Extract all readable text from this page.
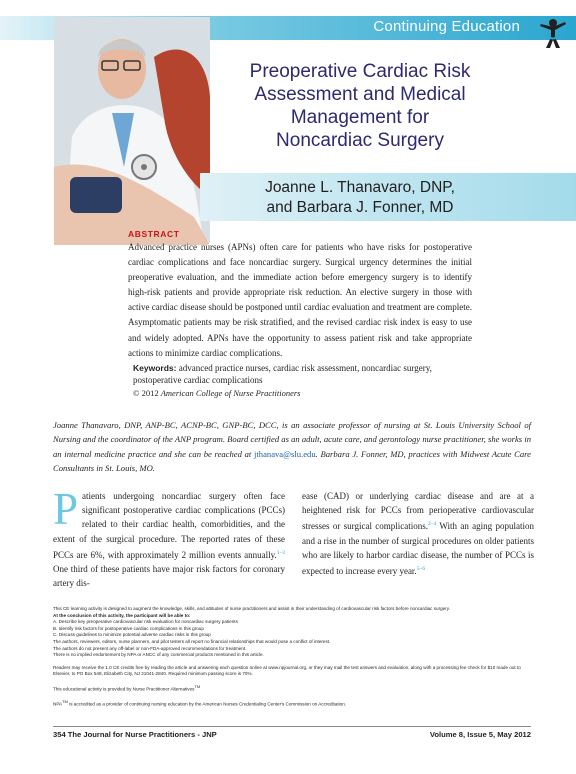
Continuing Education
Preoperative Cardiac Risk
Assessment and Medical
Management for
Noncardiac Surgery
Joanne L. Thanavaro, DNP,
and Barbara J. Fonner, MD
ABSTRACT

Advanced practice nurses (APNs) often care for patients who have risks for postoperative cardiac complications and face noncardiac surgery. Surgical urgency determines the initial preoperative evaluation, and the immediate action before emergency surgery is to identify high-risk patients and provide appropriate risk reduction. An elective surgery in those with active cardiac disease should be postponed until cardiac evaluation and treatment are complete. Asymptomatic patients may be risk stratified, and the revised cardiac risk index is easy to use and widely adopted. APNs have the opportunity to assess patient risk and take appropriate actions to minimize cardiac complications.

Keywords: advanced practice nurses, cardiac risk assessment, noncardiac surgery, postoperative cardiac complications
© 2012 American College of Nurse Practitioners

Joanne Thanavaro, DNP, ANP-BC, ACNP-BC, GNP-BC, DCC, is an associate professor of nursing at St. Louis University School of Nursing and the coordinator of the ANP program. Board certified as an adult, acute care, and gerontology nurse practitioner, she works in an internal medicine practice and she can be reached at jthanava@slu.edu. Barbara J. Fonner, MD, practices with Midwest Acute Care Consultants in St. Louis, MO.

P atients undergoing noncardiac surgery often face significant postoperative cardiac complications (PCCs) related to their cardiac health, comorbidities, and the extent of the surgical procedure. The reported rates of these PCCs are 6%, with approximately 2 million events annually.$^{1-3}$ One third of these patients have major risk factors for coronary artery dis-
ease (CAD) or underlying cardiac disease and are at a heightened risk for PCCs from perioperative cardiovascular stresses or surgical complications.$^{2-4}$ With an aging population and a rise in the number of surgical procedures on older patients who are likely to harbor cardiac disease, the number of PCCs is expected to increase every year.$^{5-6}$

This CE learning activity is designed to augment the knowledge, skills, and attitudes of nurse practitioners and assist in their understanding of cardiovascular risk factors before noncardiac surgery.

At the conclusion of this activity, the participant will be able to:

A. Describe key preoperative cardiovascular risk evaluation for noncardiac surgery patients

B. Identify risk factors for postoperative cardiac complications in this group

C. Discuss guidelines to minimize potential adverse cardiac risks in this group

The authors, reviewers, editors, nurse planners, and pilot testers all report no financial relationships that would pose a conflict of interest.

The authors do not present any off-label or non-FDA-approved recommendations for treatment.

There is no implied endorsement by NPA or ANCC of any commercial products mentioned in this article.

Readers may receive the 1.0 CE credits free by reading the article and answering each question online at www.npjournal.org, or they may mail the test answers and evaluation, along with a processing fee check for $10 made out to Elsevier, to PO Box 548, Elizabeth City, NJ 21041-2840. Required minimum passing score is 70%.

This educational activity is provided by Nurse Practitioner Alternatives™

NPA™ is accredited as a provider of continuing nursing education by the American Nurses Credentialing Center's Commission on Accreditation.

354 The Journal for Nurse Practitioners - JNP	Volume 8, Issue 5, May 2012
